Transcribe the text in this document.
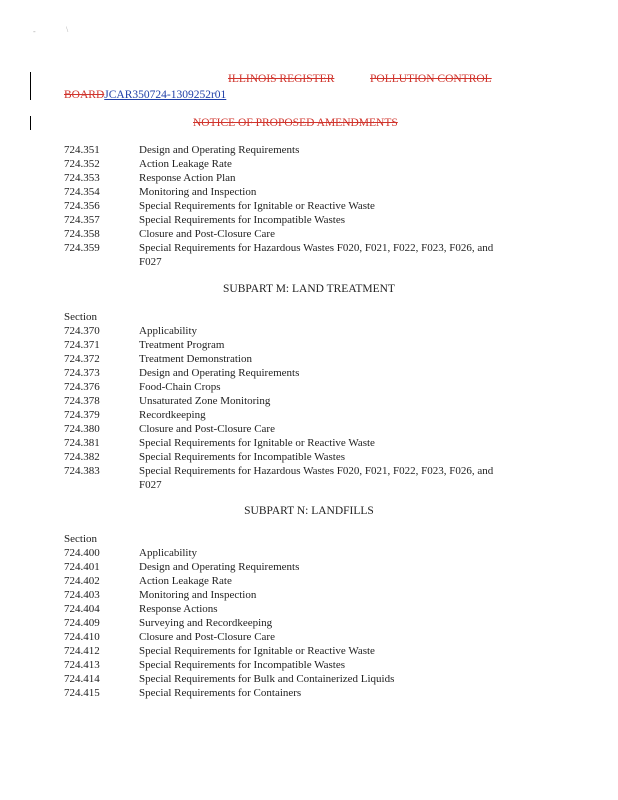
-	\
ILLINOIS REGISTER	POLLUTION CONTROL
BOARDJCAR350724-1309252r01
NOTICE OF PROPOSED AMENDMENTS
724.351	Design and Operating Requirements
724.352	Action Leakage Rate
724.353	Response Action Plan
724.354	Monitoring and Inspection
724.356	Special Requirements for Ignitable or Reactive Waste
724.357	Special Requirements for Incompatible Wastes
724.358	Closure and Post-Closure Care
724.359	Special Requirements for Hazardous Wastes F020, F021, F022, F023, F026, and
F027
SUBPART M: LAND TREATMENT
Section
724.370	Applicability
724.371	Treatment Program
724.372	Treatment Demonstration
724.373	Design and Operating Requirements
724.376	Food-Chain Crops
724.378	Unsaturated Zone Monitoring
724.379	Recordkeeping
724.380	Closure and Post-Closure Care
724.381	Special Requirements for Ignitable or Reactive Waste
724.382	Special Requirements for Incompatible Wastes
724.383	Special Requirements for Hazardous Wastes F020, F021, F022, F023, F026, and
F027
SUBPART N: LANDFILLS
Section
724.400	Applicability
724.401	Design and Operating Requirements
724.402	Action Leakage Rate
724.403	Monitoring and Inspection
724.404	Response Actions
724.409	Surveying and Recordkeeping
724.410	Closure and Post-Closure Care
724.412	Special Requirements for Ignitable or Reactive Waste
724.413	Special Requirements for Incompatible Wastes
724.414	Special Requirements for Bulk and Containerized Liquids
724.415	Special Requirements for Containers
